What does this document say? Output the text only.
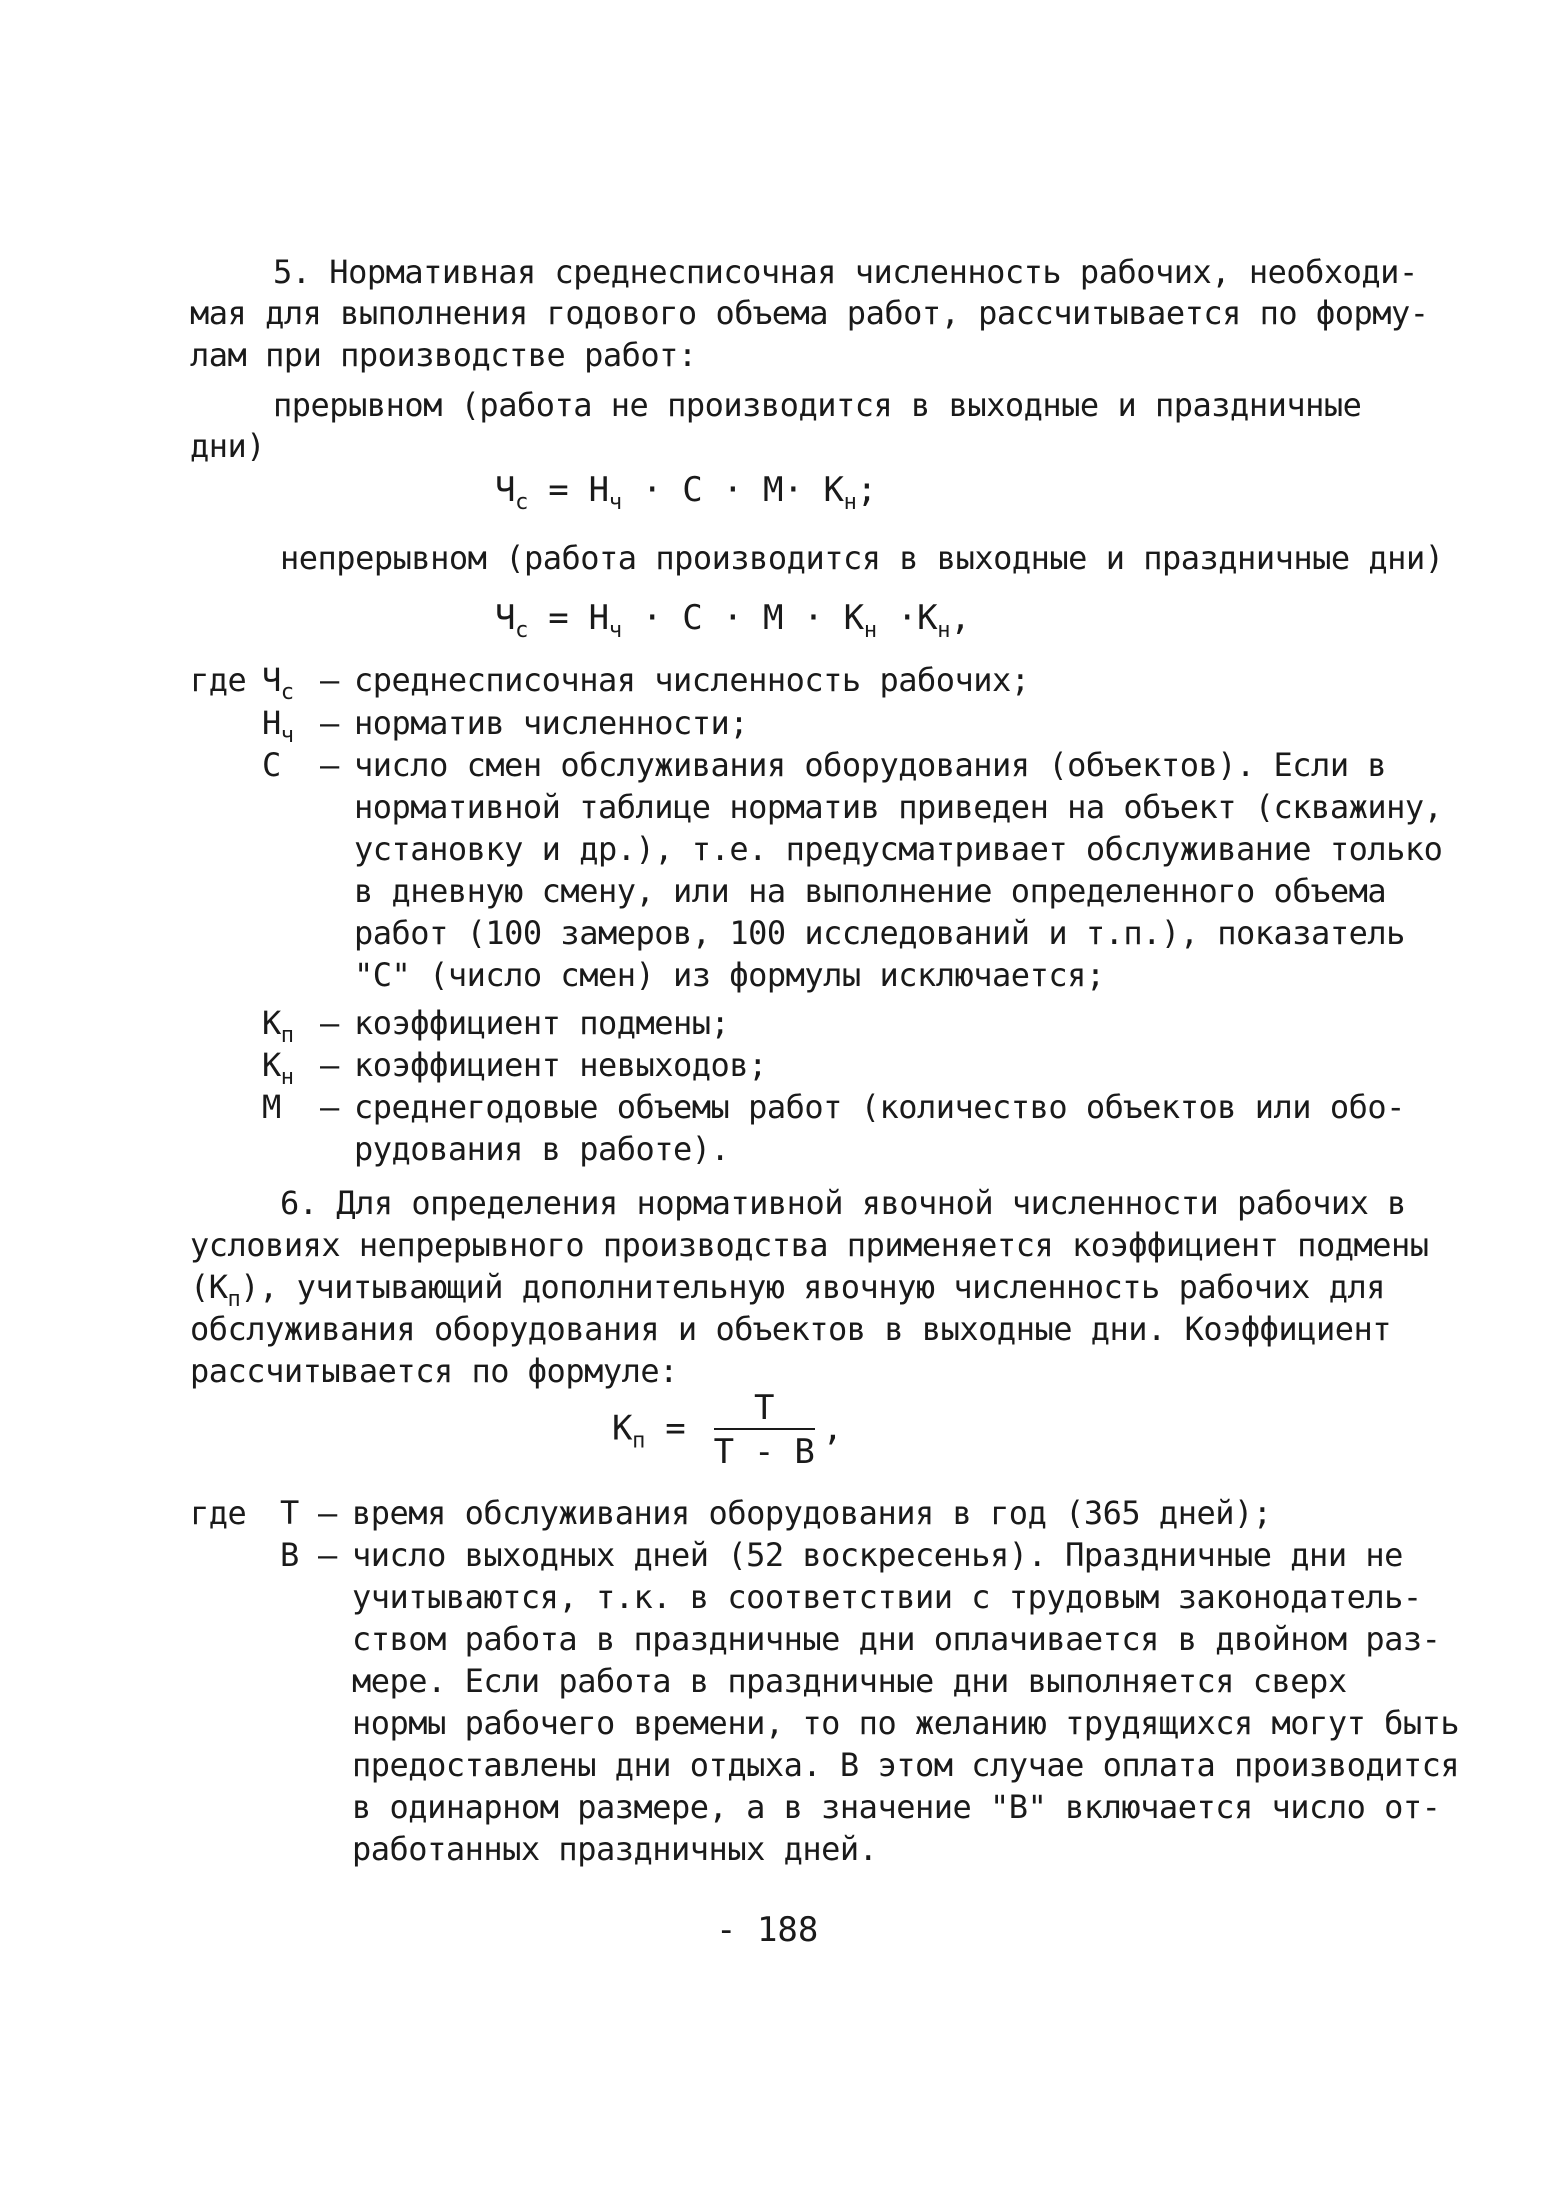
5. Нормативная среднесписочная численность рабочих, необходи-
мая для выполнения годового объема работ, рассчитывается по форму-
лам при производстве работ:
прерывном (работа не производится в выходные и праздничные
дни)
$Ч_с = Н_ч \cdot С \cdot М\cdot К_н$;
непрерывном (работа производится в выходные и праздничные дни)
$Ч_с = Н_ч \cdot С \cdot М \cdot К_н \cdot К_н$,
где $Ч_с$ – среднесписочная численность рабочих;
$Н_ч$ – норматив численности;
С – число смен обслуживания оборудования (объектов). Если в
нормативной таблице норматив приведен на объект (скважину,
установку и др.), т.е. предусматривает обслуживание только
в дневную смену, или на выполнение определенного объема
работ (100 замеров, 100 исследований и т.п.), показатель
"С" (число смен) из формулы исключается;
$К_п$ – коэффициент подмены;
$К_н$ – коэффициент невыходов;
М – среднегодовые объемы работ (количество объектов или обо-
рудования в работе).
6. Для определения нормативной явочной численности рабочих в
условиях непрерывного производства применяется коэффициент подмены
$(К_п)$, учитывающий дополнительную явочную численность рабочих для
обслуживания оборудования и объектов в выходные дни. Коэффициент
рассчитывается по формуле:
$К_п = \frac{Т}{Т - В}$ ,
где Т – время обслуживания оборудования в год (365 дней);
В – число выходных дней (52 воскресенья). Праздничные дни не
учитываются, т.к. в соответствии с трудовым законодатель-
ством работа в праздничные дни оплачивается в двойном раз-
мере. Если работа в праздничные дни выполняется сверх
нормы рабочего времени, то по желанию трудящихся могут быть
предоставлены дни отдыха. В этом случае оплата производится
в одинарном размере, а в значение "В" включается число от-
работанных праздничных дней.
- 188
